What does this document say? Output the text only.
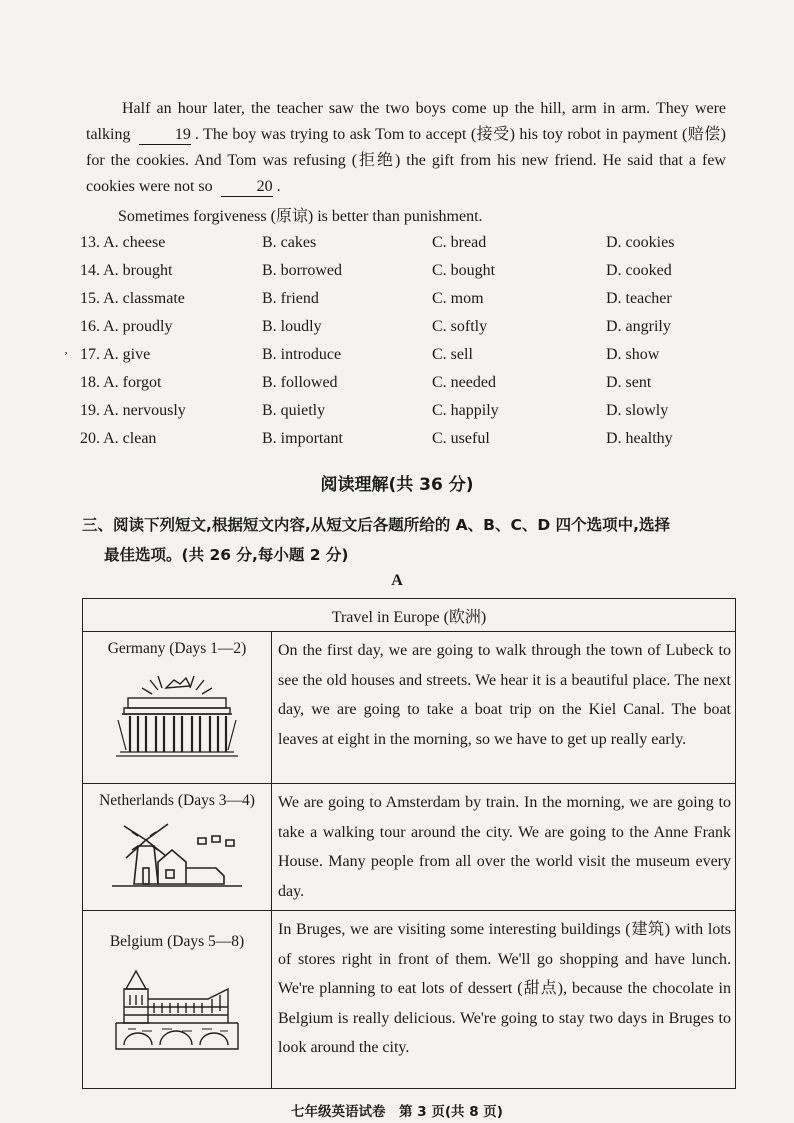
Half an hour later, the teacher saw the two boys come up the hill, arm in arm. They were talking	19 . The boy was trying to ask Tom to accept (接受) his toy robot in payment (赔偿) for the cookies. And Tom was refusing (拒绝) the gift from his new friend. He said that a few cookies were not so	20 .

Sometimes forgiveness (原谅) is better than punishment.

ʼ
13. A. cheese	B. cakes	C. bread	D. cookies
14. A. brought	B. borrowed	C. bought	D. cooked
15. A. classmate	B. friend	C. mom	D. teacher
16. A. proudly	B. loudly	C. softly	D. angrily
17. A. give	B. introduce	C. sell	D. show
18. A. forgot	B. followed	C. needed	D. sent
19. A. nervously	B. quietly	C. happily	D. slowly
20. A. clean	B. important	C. useful	D. healthy
阅读理解(共 36 分)
三、阅读下列短文,根据短文内容,从短文后各题所给的 A、B、C、D 四个选项中,选择
最佳选项。(共 26 分,每小题 2 分)
A
Travel in Europe (欧洲)	

Germany (Days 1—2)	On the first day, we are going to walk through the town of Lubeck to see the old houses and streets. We hear it is a beautiful place. The next day, we are going to take a boat trip on the Kiel Canal. The boat leaves at eight in the morning, so we have to get up really early.

Netherlands (Days 3—4)	We are going to Amsterdam by train. In the morning, we are going to take a walking tour around the city. We are going to the Anne Frank House. Many people from all over the world visit the museum every day.

Belgium (Days 5—8)	In Bruges, we are visiting some interesting buildings (建筑) with lots of stores right in front of them. We'll go shopping and have lunch. We're planning to eat lots of dessert (甜点), because the chocolate in Belgium is really delicious. We're going to stay two days in Bruges to look around the city.
七年级英语试卷　第 3 页(共 8 页)
